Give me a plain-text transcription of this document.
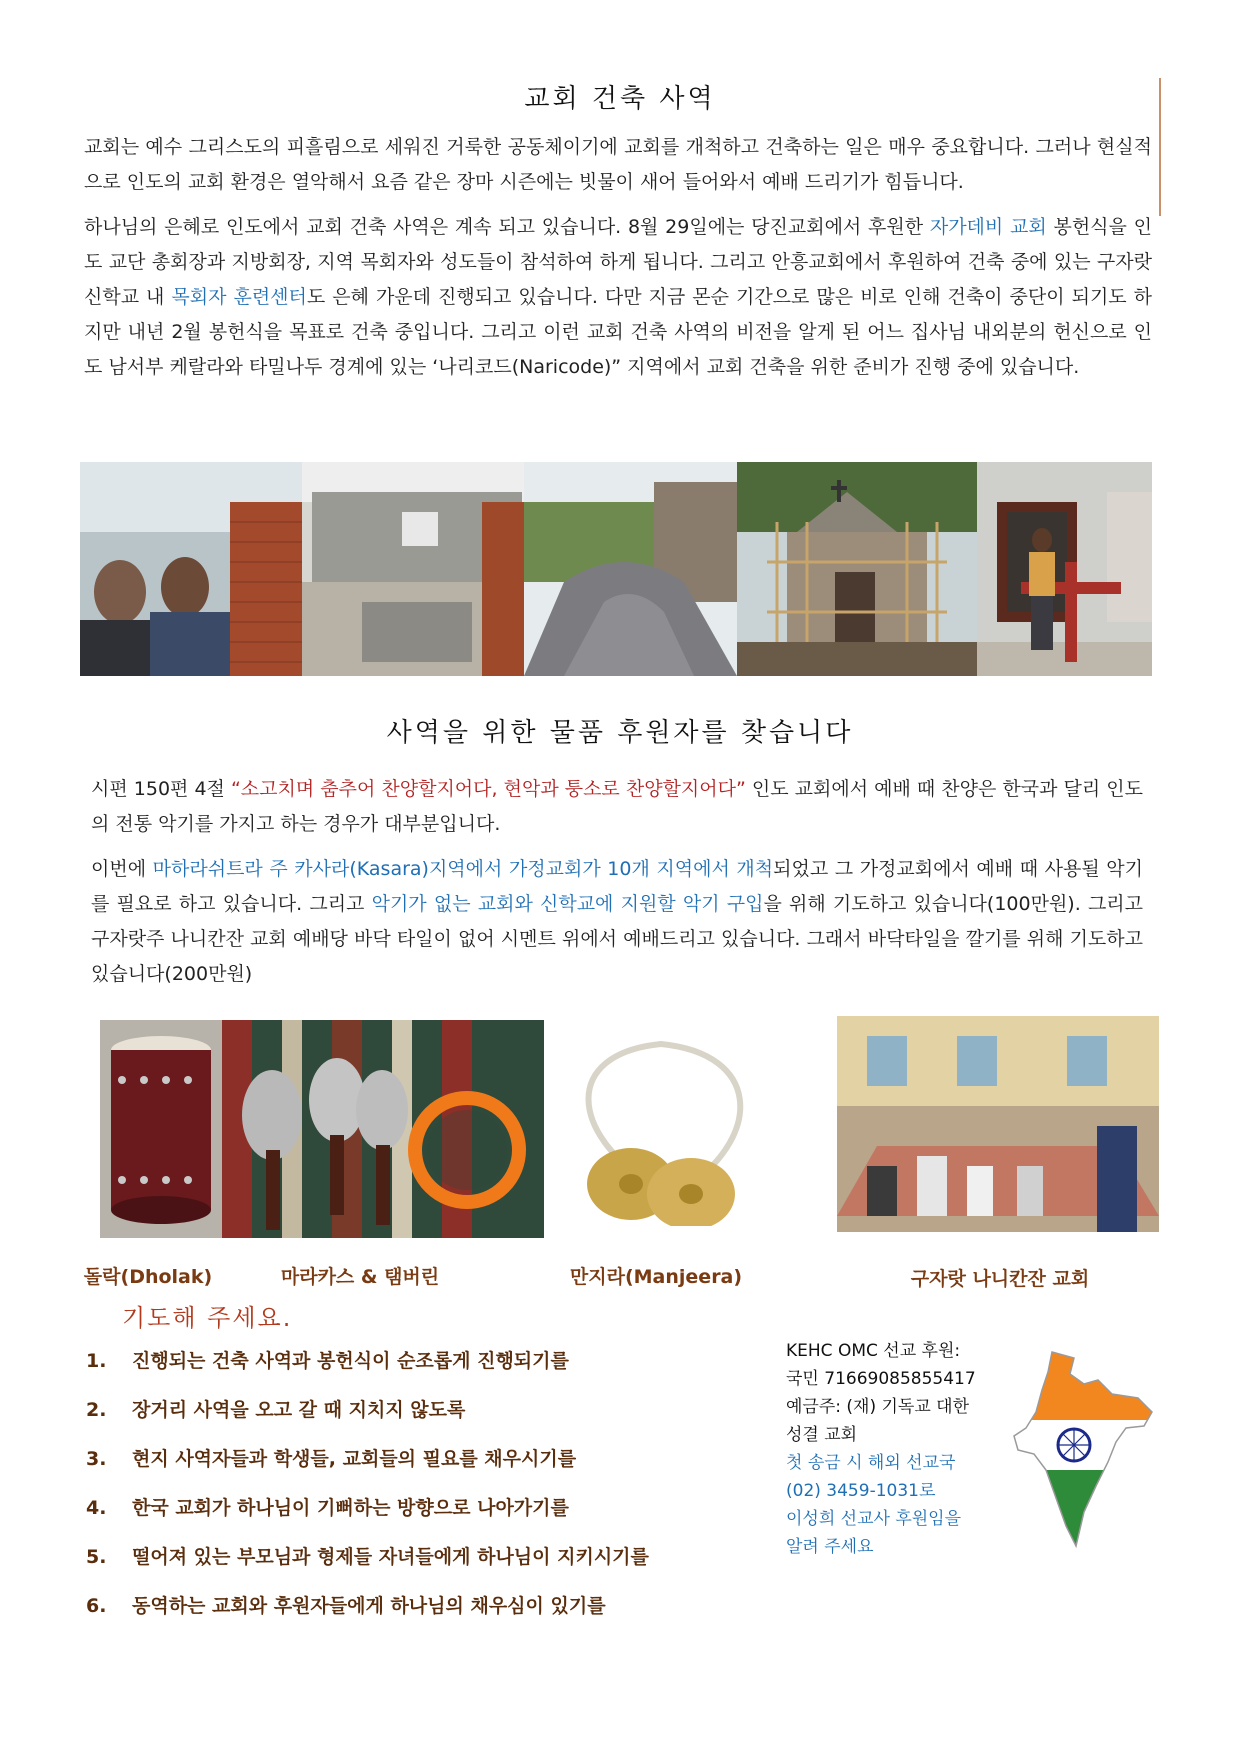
교회 건축 사역

교회는 예수 그리스도의 피흘림으로 세워진 거룩한 공동체이기에 교회를 개척하고 건축하는 일은 매우 중요합니다. 그러나 현실적으로 인도의 교회 환경은 열악해서 요즘 같은 장마 시즌에는 빗물이 새어 들어와서 예배 드리기가 힘듭니다.

하나님의 은혜로 인도에서 교회 건축 사역은 계속 되고 있습니다. 8월 29일에는 당진교회에서 후원한 자가데비 교회 봉헌식을 인도 교단 총회장과 지방회장, 지역 목회자와 성도들이 참석하여 하게 됩니다. 그리고 안흥교회에서 후원하여 건축 중에 있는 구자랏 신학교 내 목회자 훈련센터도 은혜 가운데 진행되고 있습니다. 다만 지금 몬순 기간으로 많은 비로 인해 건축이 중단이 되기도 하지만 내년 2월 봉헌식을 목표로 건축 중입니다. 그리고 이런 교회 건축 사역의 비전을 알게 된 어느 집사님 내외분의 헌신으로 인도 남서부 케랄라와 타밀나두 경계에 있는 ‘나리코드(Naricode)” 지역에서 교회 건축을 위한 준비가 진행 중에 있습니다.

사역을 위한 물품 후원자를 찾습니다

시편 150편 4절 “소고치며 춤추어 찬양할지어다, 현악과 퉁소로 찬양할지어다” 인도 교회에서 예배 때 찬양은 한국과 달리 인도의 전통 악기를 가지고 하는 경우가 대부분입니다.

이번에 마하라쉬트라 주 카사라(Kasara)지역에서 가정교회가 10개 지역에서 개척되었고 그 가정교회에서 예배 때 사용될 악기를 필요로 하고 있습니다. 그리고 악기가 없는 교회와 신학교에 지원할 악기 구입을 위해 기도하고 있습니다(100만원). 그리고 구자랏주 나니칸잔 교회 예배당 바닥 타일이 없어 시멘트 위에서 예배드리고 있습니다. 그래서 바닥타일을 깔기를 위해 기도하고 있습니다(200만원)

돌락(Dholak)	마라카스 & 탬버린	만지라(Manjeera)	구자랏 나니칸잔 교회
기도해 주세요.
1.	진행되는 건축 사역과 봉헌식이 순조롭게 진행되기를
2.	장거리 사역을 오고 갈 때 지치지 않도록
3.	현지 사역자들과 학생들, 교회들의 필요를 채우시기를
4.	한국 교회가 하나님이 기뻐하는 방향으로 나아가기를
5.	떨어져 있는 부모님과 형제들 자녀들에게 하나님이 지키시기를
6.	동역하는 교회와 후원자들에게 하나님의 채우심이 있기를
KEHC OMC 선교 후원:
국민 71669085855417
예금주: (재) 기독교 대한
성결 교회
첫 송금 시 해외 선교국
(02) 3459-1031로
이성희 선교사 후원임을
알려 주세요
